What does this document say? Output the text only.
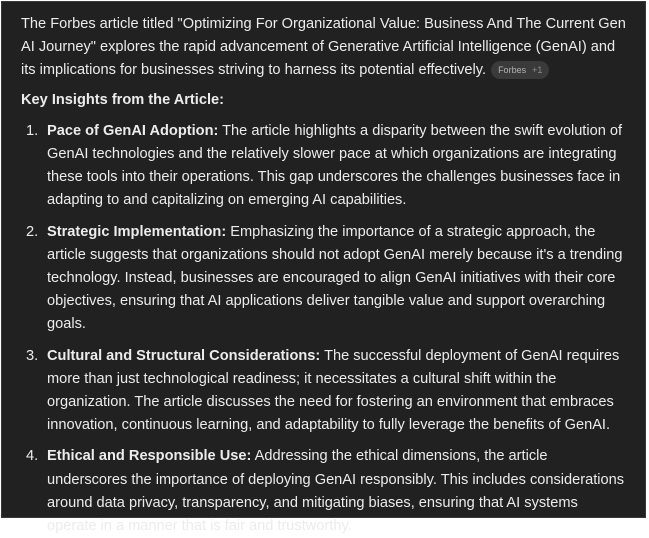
The Forbes article titled "Optimizing For Organizational Value: Business And The Current Gen AI Journey" explores the rapid advancement of Generative Artificial Intelligence (GenAI) and its implications for businesses striving to harness its potential effectively. Forbes +1

Key Insights from the Article:
1. Pace of GenAI Adoption: The article highlights a disparity between the swift evolution of GenAI technologies and the relatively slower pace at which organizations are integrating these tools into their operations. This gap underscores the challenges businesses face in adapting to and capitalizing on emerging AI capabilities.
2. Strategic Implementation: Emphasizing the importance of a strategic approach, the article suggests that organizations should not adopt GenAI merely because it's a trending technology. Instead, businesses are encouraged to align GenAI initiatives with their core objectives, ensuring that AI applications deliver tangible value and support overarching goals.
3. Cultural and Structural Considerations: The successful deployment of GenAI requires more than just technological readiness; it necessitates a cultural shift within the organization. The article discusses the need for fostering an environment that embraces innovation, continuous learning, and adaptability to fully leverage the benefits of GenAI.
4. Ethical and Responsible Use: Addressing the ethical dimensions, the article underscores the importance of deploying GenAI responsibly. This includes considerations around data privacy, transparency, and mitigating biases, ensuring that AI systems operate in a manner that is fair and trustworthy.
